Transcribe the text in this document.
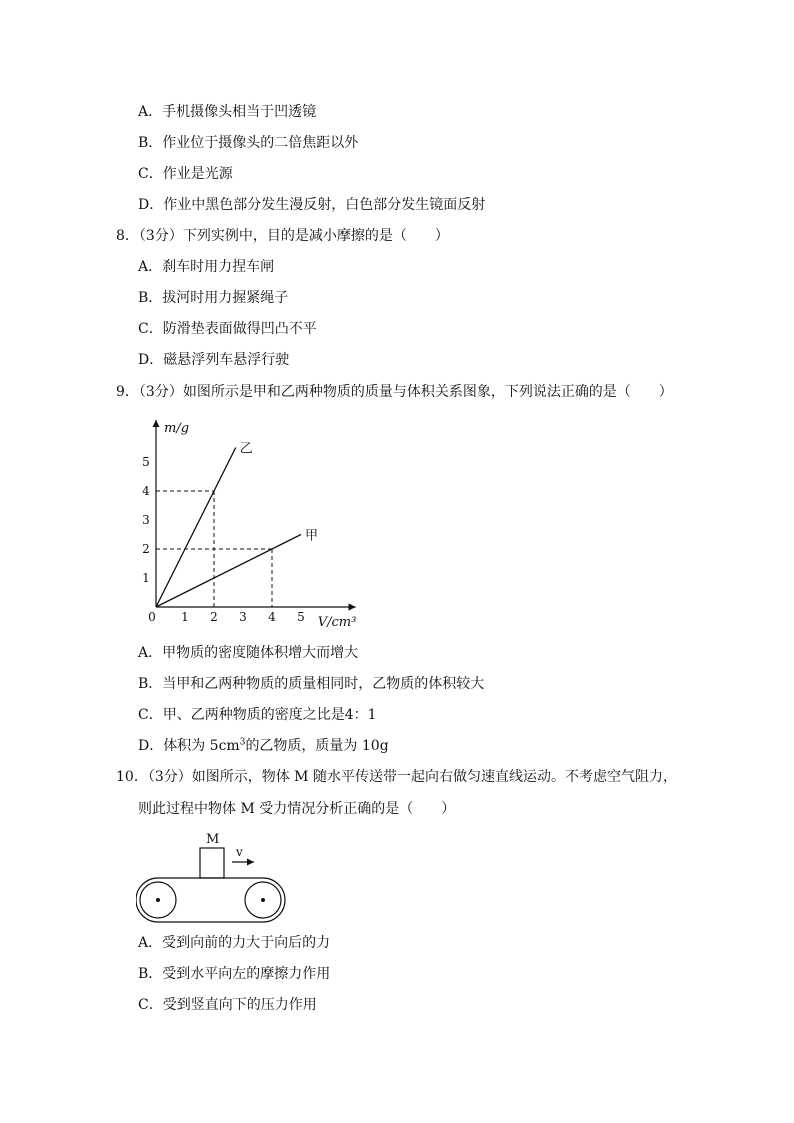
A．手机摄像头相当于凹透镜
B．作业位于摄像头的二倍焦距以外
C．作业是光源
D．作业中黑色部分发生漫反射，白色部分发生镜面反射
8．（3分）下列实例中，目的是减小摩擦的是（　　）
A．刹车时用力捏车闸
B．拔河时用力握紧绳子
C．防滑垫表面做得凹凸不平
D．磁悬浮列车悬浮行驶
9．（3分）如图所示是甲和乙两种物质的质量与体积关系图象，下列说法正确的是（　　）
m/g
V/cm³
0 1 2 3 4 5
1
2
3
4
5
乙
甲
A．甲物质的密度随体积增大而增大
B．当甲和乙两种物质的质量相同时，乙物质的体积较大
C．甲、乙两种物质的密度之比是4：1
D．体积为 $5cm^3$的乙物质，质量为 10g
10．（3分）如图所示，物体 M 随水平传送带一起向右做匀速直线运动。不考虑空气阻力，
则此过程中物体 M 受力情况分析正确的是（　　）
M
v
A．受到向前的力大于向后的力
B．受到水平向左的摩擦力作用
C．受到竖直向下的压力作用
